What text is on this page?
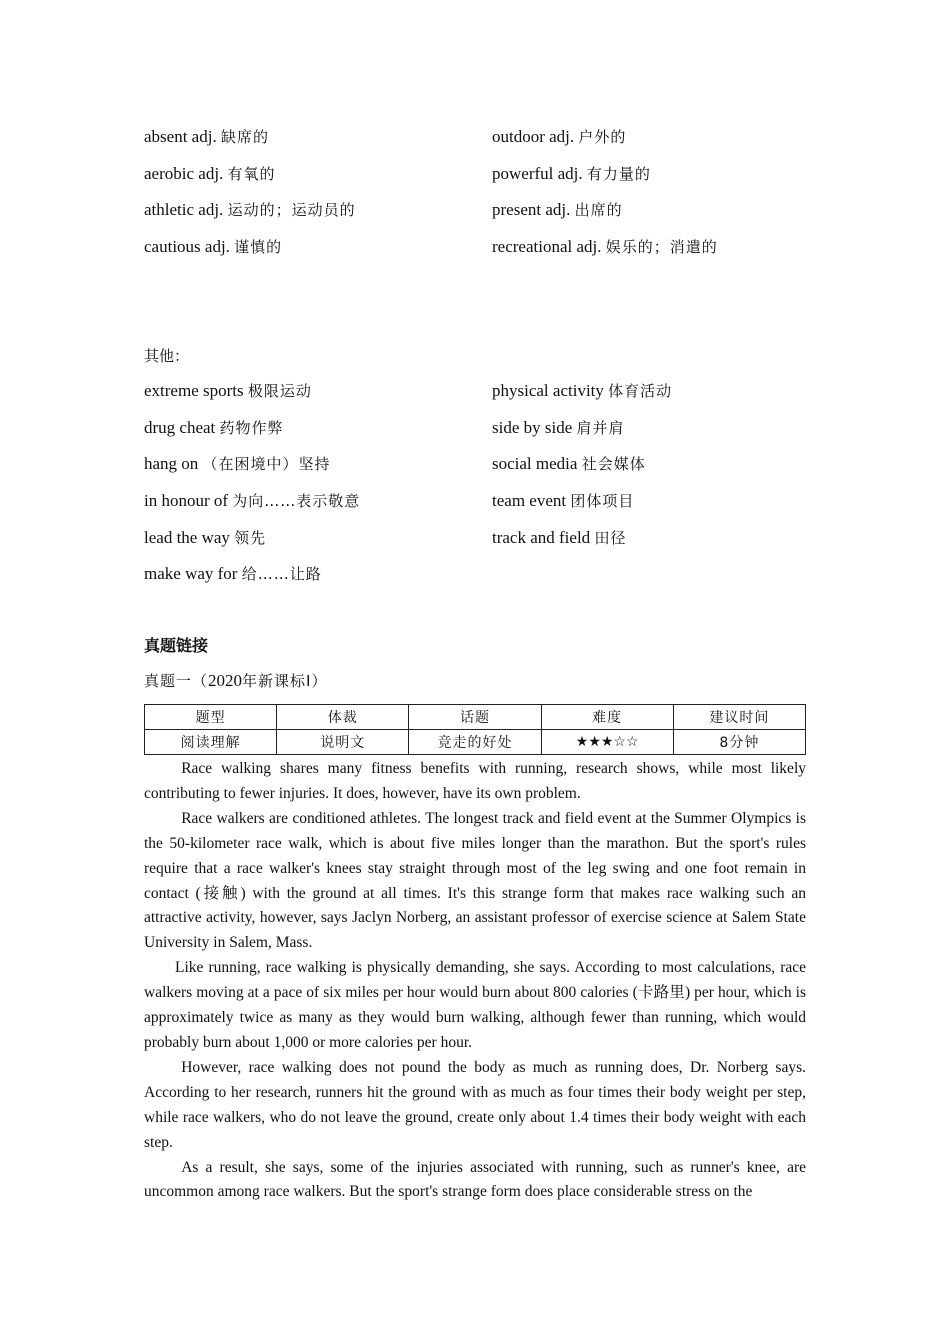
absent adj. 缺席的	outdoor adj. 户外的
aerobic adj. 有氧的	powerful adj. 有力量的
athletic adj. 运动的；运动员的	present adj. 出席的
cautious adj. 谨慎的	recreational adj. 娱乐的；消遣的
其他：
extreme sports 极限运动	physical activity 体育活动
drug cheat 药物作弊	side by side 肩并肩
hang on （在困境中）坚持	social media 社会媒体
in honour of 为向……表示敬意	team event 团体项目
lead the way 领先	track and field 田径
make way for 给……让路
真题链接
真题一（2020年新课标Ⅰ）
题型	体裁	话题	难度	建议时间
阅读理解	说明文	竞走的好处	★★★☆☆	8分钟

Race walking shares many fitness benefits with running, research shows, while most likely contributing to fewer injuries. It does, however, have its own problem.

Race walkers are conditioned athletes. The longest track and field event at the Summer Olympics is the 50-kilometer race walk, which is about five miles longer than the marathon. But the sport's rules require that a race walker's knees stay straight through most of the leg swing and one foot remain in contact (接触) with the ground at all times. It's this strange form that makes race walking such an attractive activity, however, says Jaclyn Norberg, an assistant professor of exercise science at Salem State University in Salem, Mass.

Like running, race walking is physically demanding, she says. According to most calculations, race walkers moving at a pace of six miles per hour would burn about 800 calories (卡路里) per hour, which is approximately twice as many as they would burn walking, although fewer than running, which would probably burn about 1,000 or more calories per hour.

However, race walking does not pound the body as much as running does, Dr. Norberg says. According to her research, runners hit the ground with as much as four times their body weight per step, while race walkers, who do not leave the ground, create only about 1.4 times their body weight with each step.

As a result, she says, some of the injuries associated with running, such as runner's knee, are uncommon among race walkers. But the sport's strange form does place considerable stress on the
